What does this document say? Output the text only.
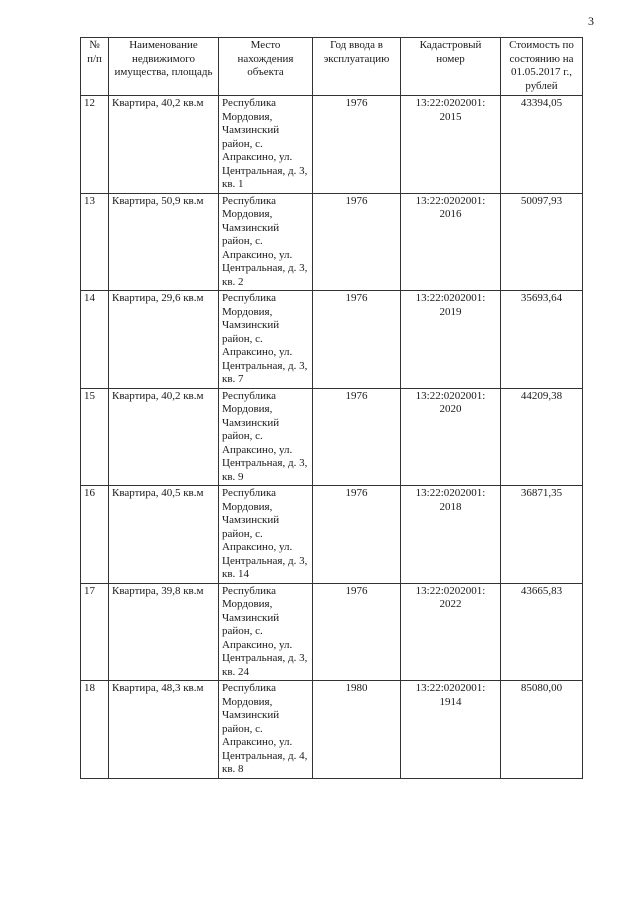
3
№ п/п	Наименование недвижимого имущества, площадь	Место нахождения объекта	Год ввода в эксплуатацию	Кадастровый номер	Стоимость по состоянию на 01.05.2017 г., рублей
12	Квартира, 40,2 кв.м	Республика Мордовия, Чамзинский район, с. Апраксино, ул. Центральная, д. 3, кв. 1	1976	13:22:0202001: 2015	43394,05
13	Квартира, 50,9 кв.м	Республика Мордовия, Чамзинский район, с. Апраксино, ул. Центральная, д. 3, кв. 2	1976	13:22:0202001: 2016	50097,93
14	Квартира, 29,6 кв.м	Республика Мордовия, Чамзинский район, с. Апраксино, ул. Центральная, д. 3, кв. 7	1976	13:22:0202001: 2019	35693,64
15	Квартира, 40,2 кв.м	Республика Мордовия, Чамзинский район, с. Апраксино, ул. Центральная, д. 3, кв. 9	1976	13:22:0202001: 2020	44209,38
16	Квартира, 40,5 кв.м	Республика Мордовия, Чамзинский район, с. Апраксино, ул. Центральная, д. 3, кв. 14	1976	13:22:0202001: 2018	36871,35
17	Квартира, 39,8 кв.м	Республика Мордовия, Чамзинский район, с. Апраксино, ул. Центральная, д. 3, кв. 24	1976	13:22:0202001: 2022	43665,83
18	Квартира, 48,3 кв.м	Республика Мордовия, Чамзинский район, с. Апраксино, ул. Центральная, д. 4, кв. 8	1980	13:22:0202001: 1914	85080,00
